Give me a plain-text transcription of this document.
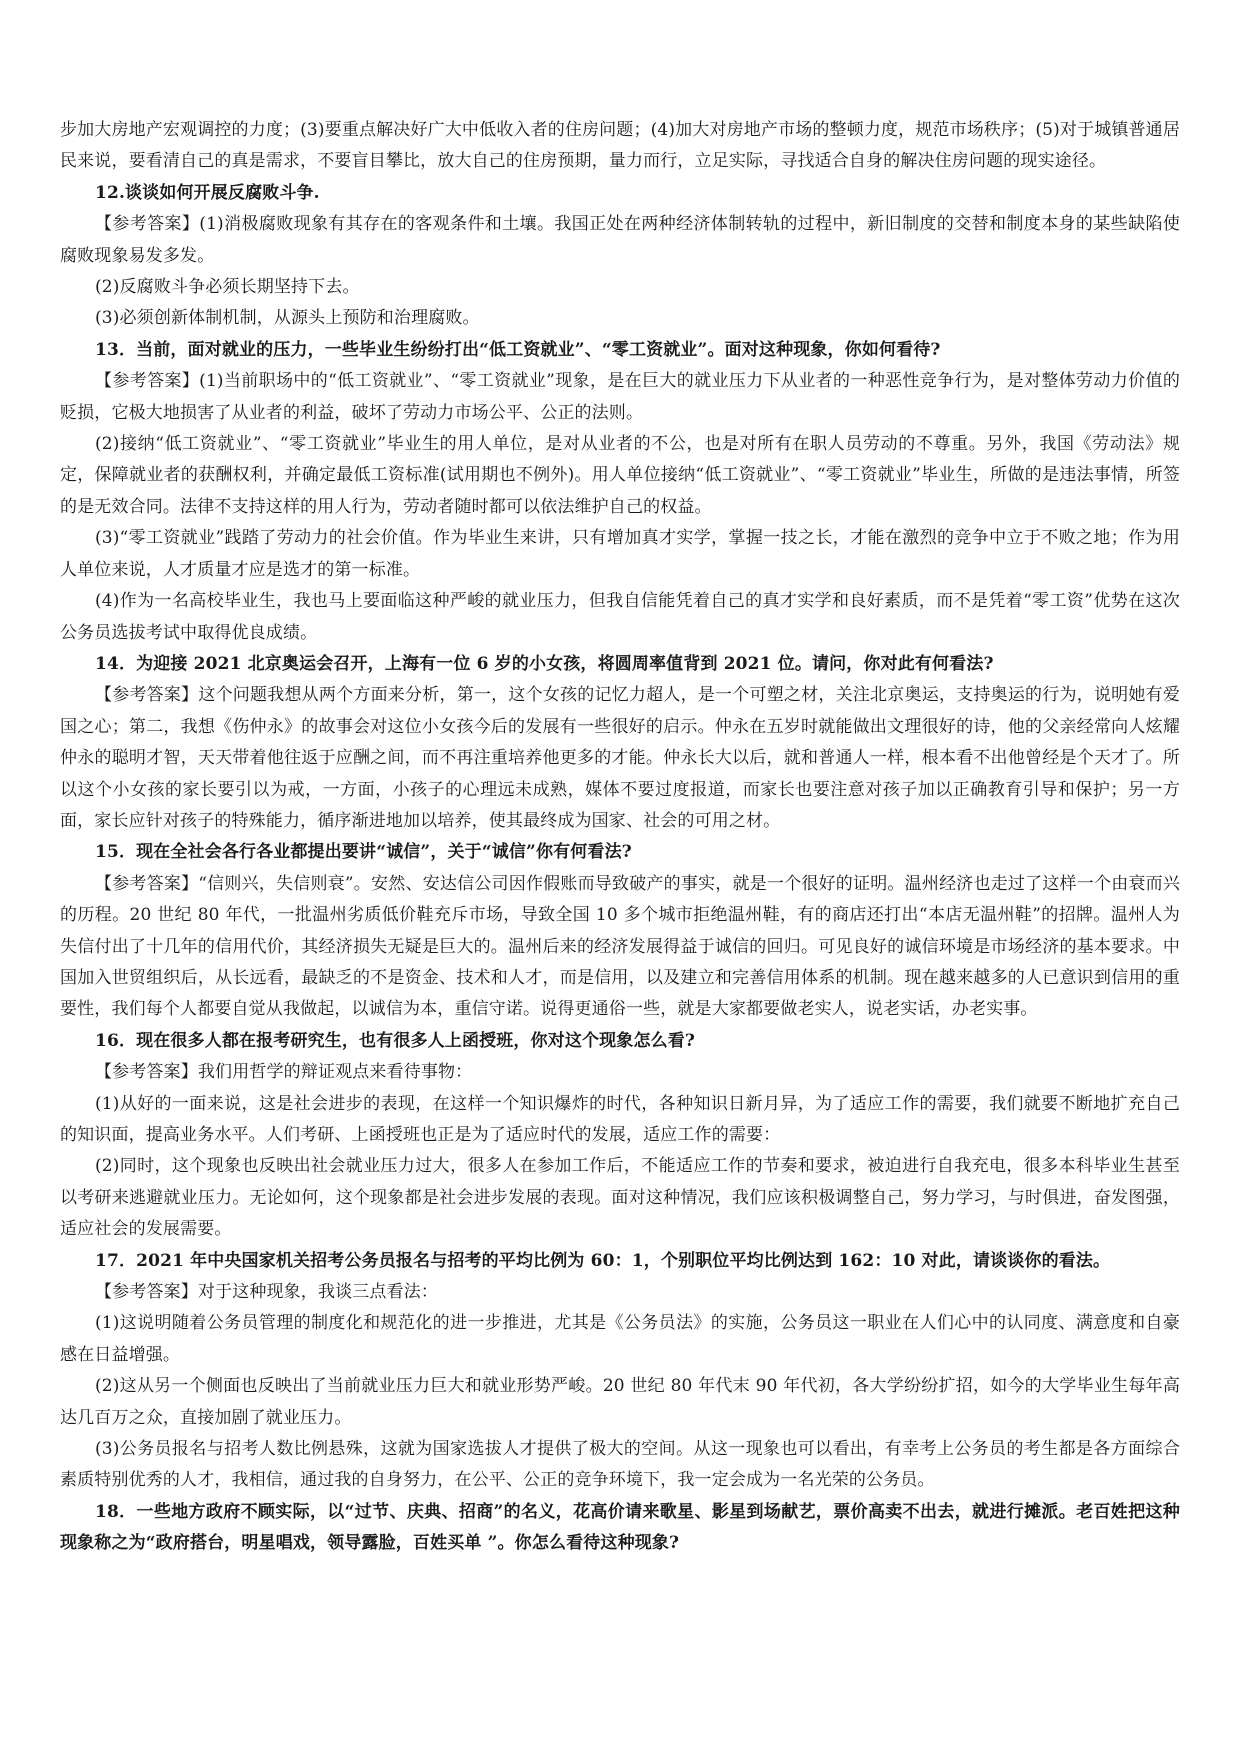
步加大房地产宏观调控的力度；(3)要重点解决好广大中低收入者的住房问题；(4)加大对房地产市场的整顿力度，规范市场秩序；(5)对于城镇普通居民来说，要看清自己的真是需求，不要盲目攀比，放大自己的住房预期，量力而行，立足实际，寻找适合自身的解决住房问题的现实途径。

12.谈谈如何开展反腐败斗争.

【参考答案】(1)消极腐败现象有其存在的客观条件和土壤。我国正处在两种经济体制转轨的过程中，新旧制度的交替和制度本身的某些缺陷使腐败现象易发多发。

(2)反腐败斗争必须长期坚持下去。

(3)必须创新体制机制，从源头上预防和治理腐败。

13．当前，面对就业的压力，一些毕业生纷纷打出“低工资就业”、“零工资就业”。面对这种现象，你如何看待?

【参考答案】(1)当前职场中的“低工资就业”、“零工资就业”现象，是在巨大的就业压力下从业者的一种恶性竞争行为，是对整体劳动力价值的贬损，它极大地损害了从业者的利益，破坏了劳动力市场公平、公正的法则。

(2)接纳“低工资就业”、“零工资就业”毕业生的用人单位，是对从业者的不公，也是对所有在职人员劳动的不尊重。另外，我国《劳动法》规定，保障就业者的获酬权利，并确定最低工资标准(试用期也不例外)。用人单位接纳“低工资就业”、“零工资就业”毕业生，所做的是违法事情，所签的是无效合同。法律不支持这样的用人行为，劳动者随时都可以依法维护自己的权益。

(3)“零工资就业”践踏了劳动力的社会价值。作为毕业生来讲，只有增加真才实学，掌握一技之长，才能在激烈的竞争中立于不败之地；作为用人单位来说，人才质量才应是选才的第一标准。

(4)作为一名高校毕业生，我也马上要面临这种严峻的就业压力，但我自信能凭着自己的真才实学和良好素质，而不是凭着“零工资”优势在这次公务员选拔考试中取得优良成绩。

14．为迎接 2021 北京奥运会召开，上海有一位 6 岁的小女孩，将圆周率值背到 2021 位。请问，你对此有何看法?

【参考答案】这个问题我想从两个方面来分析，第一，这个女孩的记忆力超人，是一个可塑之材，关注北京奥运，支持奥运的行为，说明她有爱国之心；第二，我想《伤仲永》的故事会对这位小女孩今后的发展有一些很好的启示。仲永在五岁时就能做出文理很好的诗，他的父亲经常向人炫耀仲永的聪明才智，天天带着他往返于应酬之间，而不再注重培养他更多的才能。仲永长大以后，就和普通人一样，根本看不出他曾经是个天才了。所以这个小女孩的家长要引以为戒，一方面，小孩子的心理远未成熟，媒体不要过度报道，而家长也要注意对孩子加以正确教育引导和保护；另一方面，家长应针对孩子的特殊能力，循序渐进地加以培养，使其最终成为国家、社会的可用之材。

15．现在全社会各行各业都提出要讲“诚信”，关于“诚信”你有何看法?

【参考答案】“信则兴，失信则衰”。安然、安达信公司因作假账而导致破产的事实，就是一个很好的证明。温州经济也走过了这样一个由衰而兴的历程。20 世纪 80 年代，一批温州劣质低价鞋充斥市场，导致全国 10 多个城市拒绝温州鞋，有的商店还打出“本店无温州鞋”的招牌。温州人为失信付出了十几年的信用代价，其经济损失无疑是巨大的。温州后来的经济发展得益于诚信的回归。可见良好的诚信环境是市场经济的基本要求。中国加入世贸组织后，从长远看，最缺乏的不是资金、技术和人才，而是信用，以及建立和完善信用体系的机制。现在越来越多的人已意识到信用的重要性，我们每个人都要自觉从我做起，以诚信为本，重信守诺。说得更通俗一些，就是大家都要做老实人，说老实话，办老实事。

16．现在很多人都在报考研究生，也有很多人上函授班，你对这个现象怎么看?

【参考答案】我们用哲学的辩证观点来看待事物：

(1)从好的一面来说，这是社会进步的表现，在这样一个知识爆炸的时代，各种知识日新月异，为了适应工作的需要，我们就要不断地扩充自己的知识面，提高业务水平。人们考研、上函授班也正是为了适应时代的发展，适应工作的需要：

(2)同时，这个现象也反映出社会就业压力过大，很多人在参加工作后，不能适应工作的节奏和要求，被迫进行自我充电，很多本科毕业生甚至以考研来逃避就业压力。无论如何，这个现象都是社会进步发展的表现。面对这种情况，我们应该积极调整自己，努力学习，与时俱进，奋发图强，适应社会的发展需要。

17．2021 年中央国家机关招考公务员报名与招考的平均比例为 60：1，个别职位平均比例达到 162：10 对此，请谈谈你的看法。

【参考答案】对于这种现象，我谈三点看法：

(1)这说明随着公务员管理的制度化和规范化的进一步推进，尤其是《公务员法》的实施，公务员这一职业在人们心中的认同度、满意度和自豪感在日益增强。

(2)这从另一个侧面也反映出了当前就业压力巨大和就业形势严峻。20 世纪 80 年代末 90 年代初，各大学纷纷扩招，如今的大学毕业生每年高达几百万之众，直接加剧了就业压力。

(3)公务员报名与招考人数比例悬殊，这就为国家选拔人才提供了极大的空间。从这一现象也可以看出，有幸考上公务员的考生都是各方面综合素质特别优秀的人才，我相信，通过我的自身努力，在公平、公正的竞争环境下，我一定会成为一名光荣的公务员。

18．一些地方政府不顾实际，以“过节、庆典、招商”的名义，花高价请来歌星、影星到场献艺，票价高卖不出去，就进行摊派。老百姓把这种现象称之为“政府搭台，明星唱戏，领导露脸，百姓买单 ”。你怎么看待这种现象?
